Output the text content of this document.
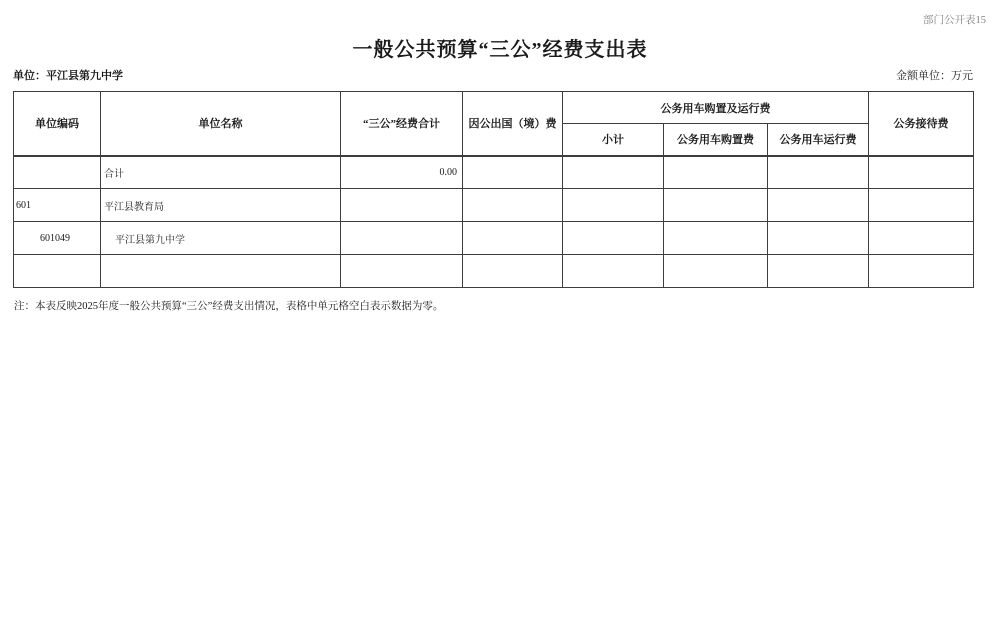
部门公开表15
一般公共预算“三公”经费支出表
单位：平江县第九中学	金额单位：万元
单位编码	单位名称	“三公”经费合计	因公出国（境）费	公务用车购置及运行费			公务接待费
				小计	公务用车购置费	公务用车运行费	
	合计	0.00					
601	平江县教育局						
601049	平江县第九中学						

注：本表反映2025年度一般公共预算“三公”经费支出情况，表格中单元格空白表示数据为零。
